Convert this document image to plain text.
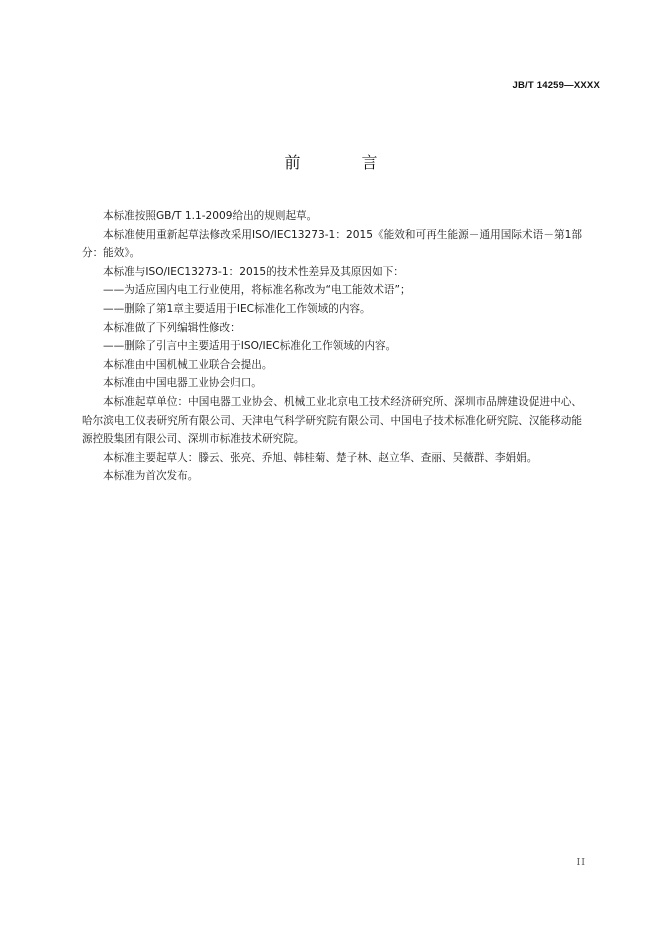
JB/T 14259—XXXX
前 言

本标准按照GB/T 1.1-2009给出的规则起草。

本标准使用重新起草法修改采用ISO/IEC13273-1：2015《能效和可再生能源－通用国际术语－第1部分：能效》。

本标准与ISO/IEC13273-1：2015的技术性差异及其原因如下：

——为适应国内电工行业使用，将标准名称改为“电工能效术语”；

——删除了第1章主要适用于IEC标准化工作领域的内容。

本标准做了下列编辑性修改：

——删除了引言中主要适用于ISO/IEC标准化工作领域的内容。

本标准由中国机械工业联合会提出。

本标准由中国电器工业协会归口。

本标准起草单位：中国电器工业协会、机械工业北京电工技术经济研究所、深圳市品牌建设促进中心、哈尔滨电工仪表研究所有限公司、天津电气科学研究院有限公司、中国电子技术标准化研究院、汉能移动能源控股集团有限公司、深圳市标准技术研究院。

本标准主要起草人：滕云、张亮、乔旭、韩桂菊、楚子林、赵立华、查丽、吴薇群、李娟娟。

本标准为首次发布。

II
